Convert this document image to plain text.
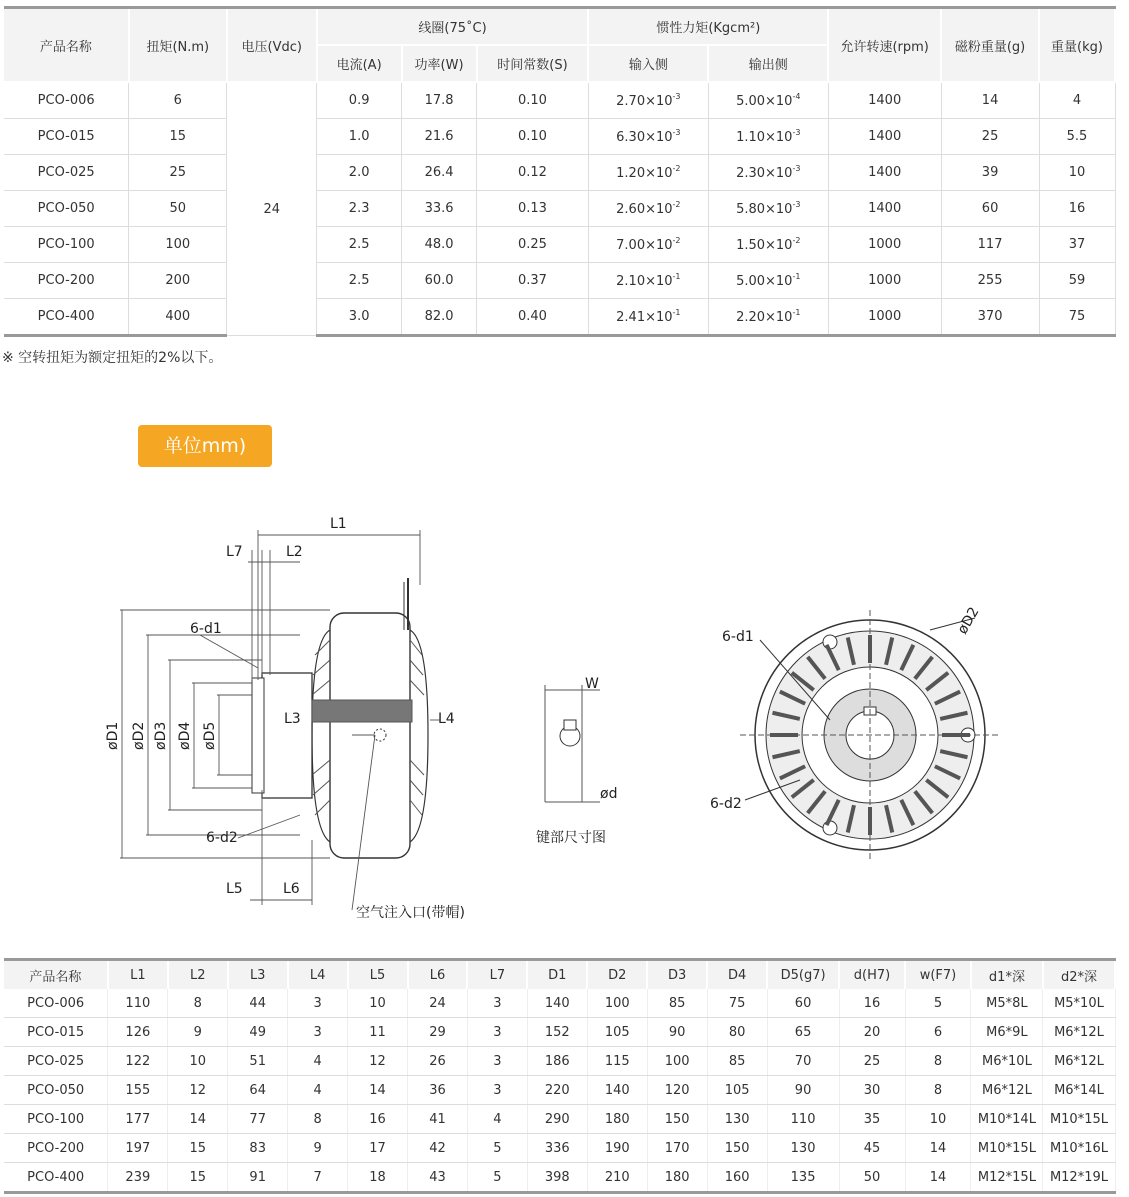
产品名称	扭矩(N.m)	电压(Vdc)	线圈(75˚C)			惯性力矩(Kgcm²)		允许转速(rpm)	磁粉重量(g)	重量(kg)
			电流(A)	功率(W)	时间常数(S)	输入侧	输出侧			
PCO-006	6	24	0.9	17.8	0.10	$2.70\times 10^{-3}$	$5.00\times 10^{-4}$	1400	14	4
PCO-015	15		1.0	21.6	0.10	$6.30\times 10^{-3}$	$1.10\times 10^{-3}$	1400	25	5.5
PCO-025	25		2.0	26.4	0.12	$1.20\times 10^{-2}$	$2.30\times 10^{-3}$	1400	39	10
PCO-050	50		2.3	33.6	0.13	$2.60\times 10^{-2}$	$5.80\times 10^{-3}$	1400	60	16
PCO-100	100		2.5	48.0	0.25	$7.00\times 10^{-2}$	$1.50\times 10^{-2}$	1000	117	37
PCO-200	200		2.5	60.0	0.37	$2.10\times 10^{-1}$	$5.00\times 10^{-1}$	1000	255	59
PCO-400	400		3.0	82.0	0.40	$2.41\times 10^{-1}$	$2.20\times 10^{-1}$	1000	370	75
※ 空转扭矩为额定扭矩的2%以下。
单位mm)
L1
L7	L2
6-d1
L3	L4
6-d2
L5	L6
空气注入口(带帽)
øD1 øD2 øD3 øD4 øD5
W
ød
键部尺寸图
6-d1
6-d2
øD2
产品名称	L1	L2	L3	L4	L5	L6	L7	D1	D2	D3	D4	D5(g7)	d(H7)	w(F7)	d1*深	d2*深
PCO-006	110	8	44	3	10	24	3	140	100	85	75	60	16	5	M5*8L	M5*10L
PCO-015	126	9	49	3	11	29	3	152	105	90	80	65	20	6	M6*9L	M6*12L
PCO-025	122	10	51	4	12	26	3	186	115	100	85	70	25	8	M6*10L	M6*12L
PCO-050	155	12	64	4	14	36	3	220	140	120	105	90	30	8	M6*12L	M6*14L
PCO-100	177	14	77	8	16	41	4	290	180	150	130	110	35	10	M10*14L	M10*15L
PCO-200	197	15	83	9	17	42	5	336	190	170	150	130	45	14	M10*15L	M10*16L
PCO-400	239	15	91	7	18	43	5	398	210	180	160	135	50	14	M12*15L	M12*19L
